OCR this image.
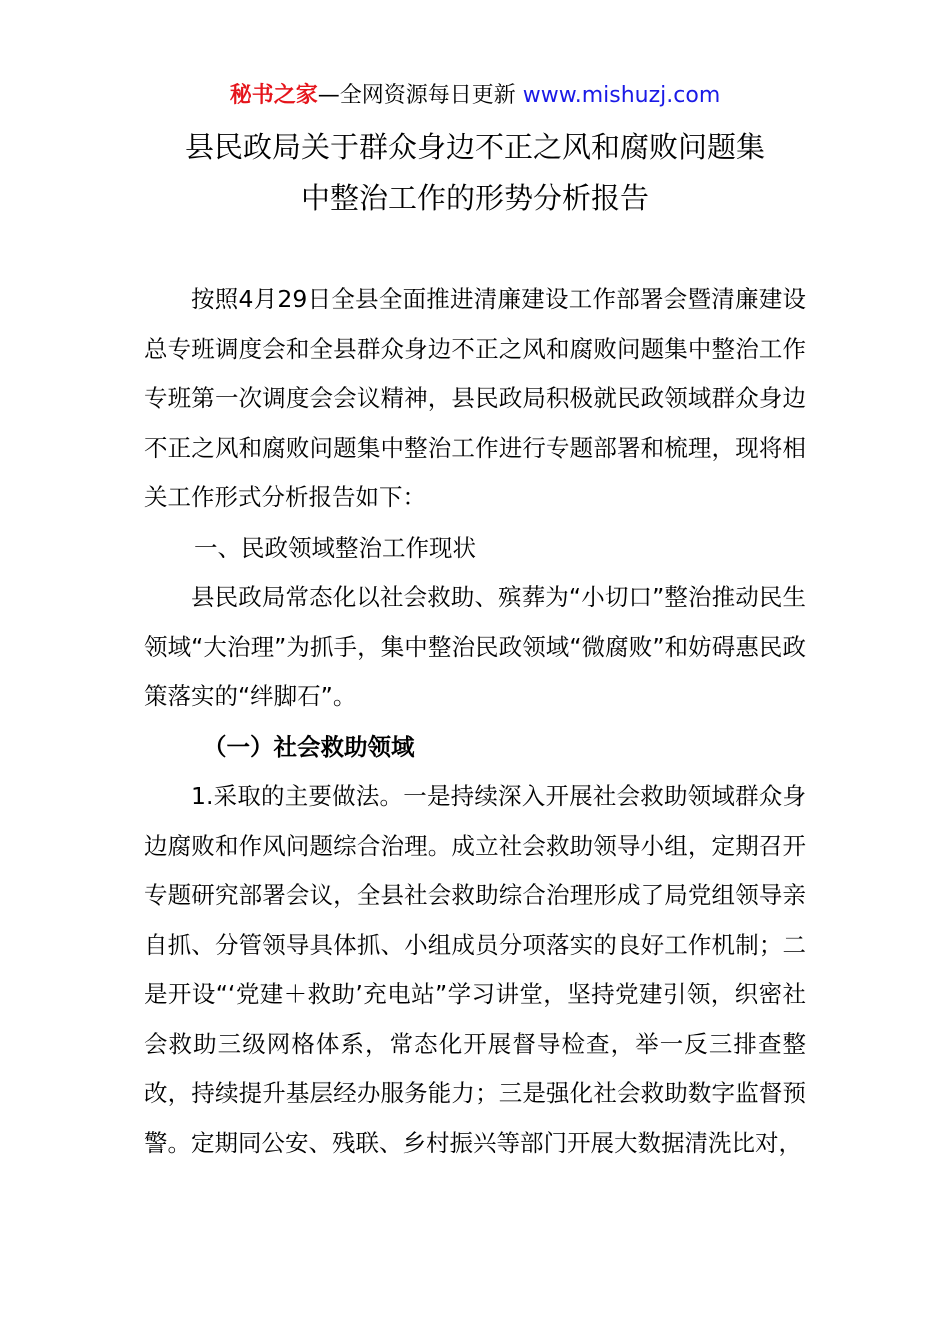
秘书之家—全网资源每日更新 www.mishuzj.com
县民政局关于群众身边不正之风和腐败问题集
中整治工作的形势分析报告

按照4月29日全县全面推进清廉建设工作部署会暨清廉建设总专班调度会和全县群众身边不正之风和腐败问题集中整治工作专班第一次调度会会议精神，县民政局积极就民政领域群众身边不正之风和腐败问题集中整治工作进行专题部署和梳理，现将相关工作形式分析报告如下：

一、民政领域整治工作现状

县民政局常态化以社会救助、殡葬为“小切口”整治推动民生领域“大治理”为抓手，集中整治民政领域“微腐败”和妨碍惠民政策落实的“绊脚石”。

（一）社会救助领域

1.采取的主要做法。一是持续深入开展社会救助领域群众身边腐败和作风问题综合治理。成立社会救助领导小组，定期召开专题研究部署会议，全县社会救助综合治理形成了局党组领导亲自抓、分管领导具体抓、小组成员分项落实的良好工作机制；二是开设“‘党建＋救助’充电站”学习讲堂，坚持党建引领，织密社会救助三级网格体系，常态化开展督导检查，举一反三排查整改，持续提升基层经办服务能力；三是强化社会救助数字监督预警。定期同公安、残联、乡村振兴等部门开展大数据清洗比对，
